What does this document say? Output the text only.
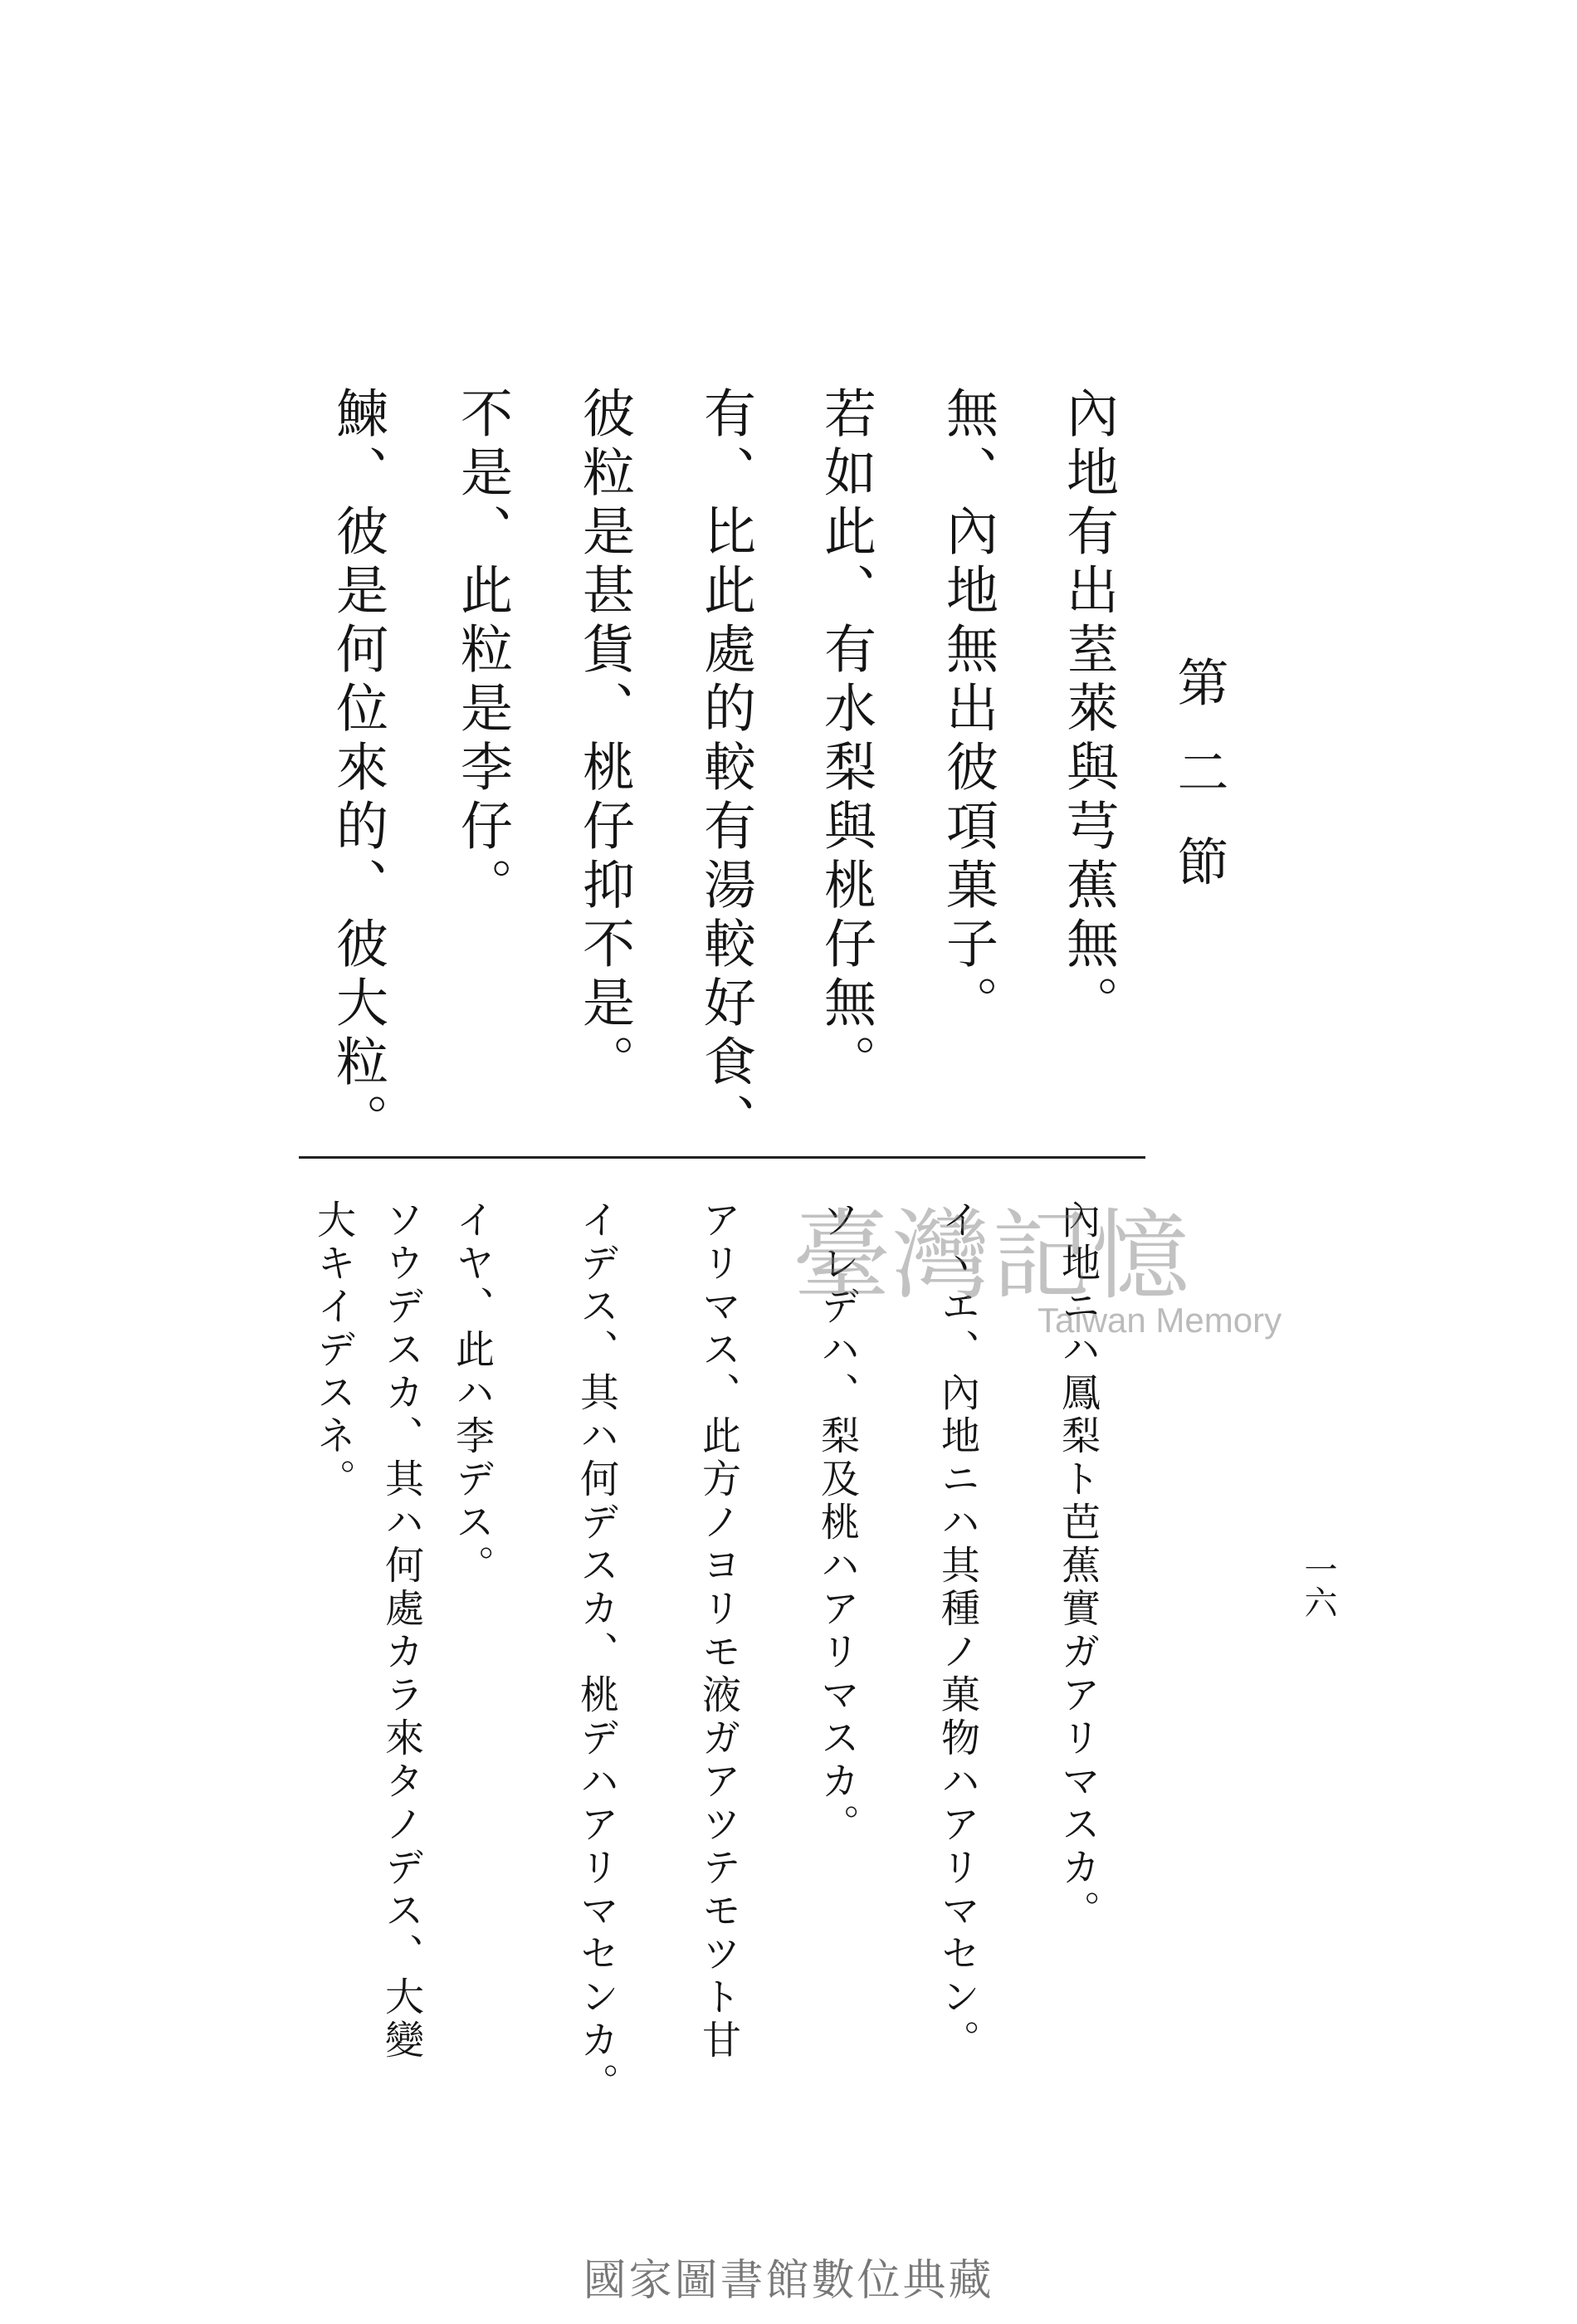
第二節
一六
內地有出荎萊與芎蕉無。
無、內地無出彼項菓子。
若如此、有水梨與桃仔無。
有、比此處的較有湯較好食、
彼粒是甚貨、桃仔抑不是。
不是、此粒是李仔。
鰊、彼是何位來的、彼大粒。
內地ニハ鳳梨ト芭蕉實ガアリマスカ。
イヽエ、內地ニハ其種ノ菓物ハアリマセン。
ソレデハ、梨及桃ハアリマスカ。
アリマス、此方ノヨリモ液ガアツテモツト甘
イデス、其ハ何デスカ、桃デハアリマセンカ。
イヤ、此ハ李デス。
ソウデスカ、其ハ何處カラ來タノデス、大變
大キイデスネ。	臺灣記憶
Taiwan Memory
國家圖書館數位典藏
